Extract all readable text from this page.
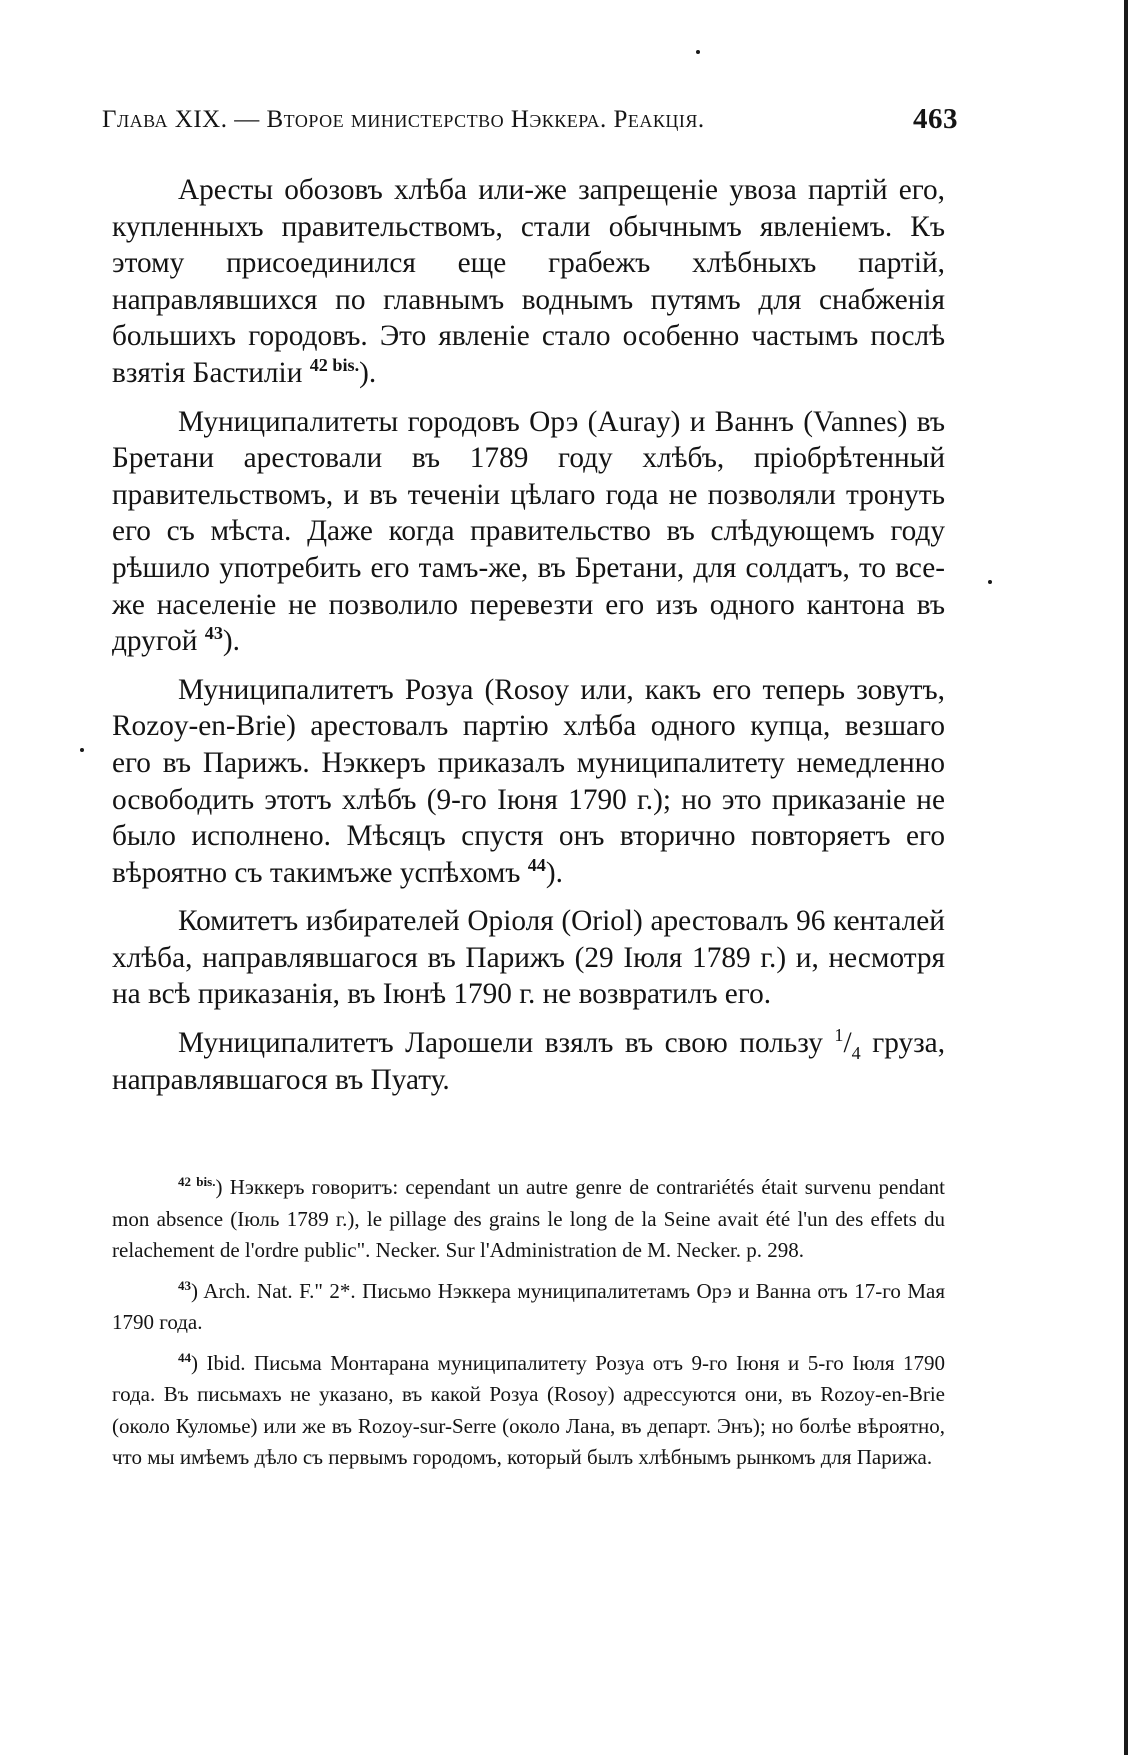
Глава XIX. — Второе министерство Нэккера. Реакція.	463

Аресты обозовъ хлѣба или-же запрещеніе увоза партій его, купленныхъ правительствомъ, стали обычнымъ явленіемъ. Къ этому присоединился еще грабежъ хлѣбныхъ партій, направлявшихся по главнымъ воднымъ путямъ для снабженія большихъ городовъ. Это явленіе стало особенно частымъ послѣ взятія Бастиліи $^{42 bis.}$).

Муниципалитеты городовъ Орэ (Auray) и Ваннъ (Vannes) въ Бретани арестовали въ 1789 году хлѣбъ, пріобрѣтенный правительствомъ, и въ теченіи цѣлаго года не позволяли тронуть его съ мѣста. Даже когда правительство въ слѣдующемъ году рѣшило употребить его тамъ-же, въ Бретани, для солдатъ, то все-же населеніе не позволило перевезти его изъ одного кантона въ другой $^{43}$).

Муниципалитетъ Розуа (Rosoy или, какъ его теперь зовутъ, Rozoy-en-Brie) арестовалъ партію хлѣба одного купца, везшаго его въ Парижъ. Нэккеръ приказалъ муниципалитету немедленно освободить этотъ хлѣбъ (9-го Іюня 1790 г.); но это приказаніе не было исполнено. Мѣсяцъ спустя онъ вторично повторяетъ его вѣроятно съ такимъже успѣхомъ $^{44}$).

Комитетъ избирателей Оріоля (Oriol) арестовалъ 96 кенталей хлѣба, направлявшагося въ Парижъ (29 Іюля 1789 г.) и, несмотря на всѣ приказанія, въ Іюнѣ 1790 г. не возвратилъ его.

Муниципалитетъ Ларошели взялъ въ свою пользу $^1/_4$ груза, направлявшагося въ Пуату.

$^{42 bis.}$) Нэккеръ говоритъ: cependant un autre genre de contrariétés était survenu pendant mon absence (Іюль 1789 г.), le pillage des grains le long de la Seine avait été l'un des effets du relachement de l'ordre public". Necker. Sur l'Administration de M. Necker. p. 298.

$^{43}$) Arch. Nat. F." 2*. Письмо Нэккера муниципалитетамъ Орэ и Ванна отъ 17-го Мая 1790 года.

$^{44}$) Ibid. Письма Монтарана муниципалитету Розуа отъ 9-го Іюня и 5-го Іюля 1790 года. Въ письмахъ не указано, въ какой Розуа (Rosoy) адрессуются они, въ Rozoy-en-Brie (около Куломье) или же въ Rozoy-sur-Serre (около Лана, въ департ. Энъ); но болѣе вѣроятно, что мы имѣемъ дѣло съ первымъ городомъ, который былъ хлѣбнымъ рынкомъ для Парижа.
